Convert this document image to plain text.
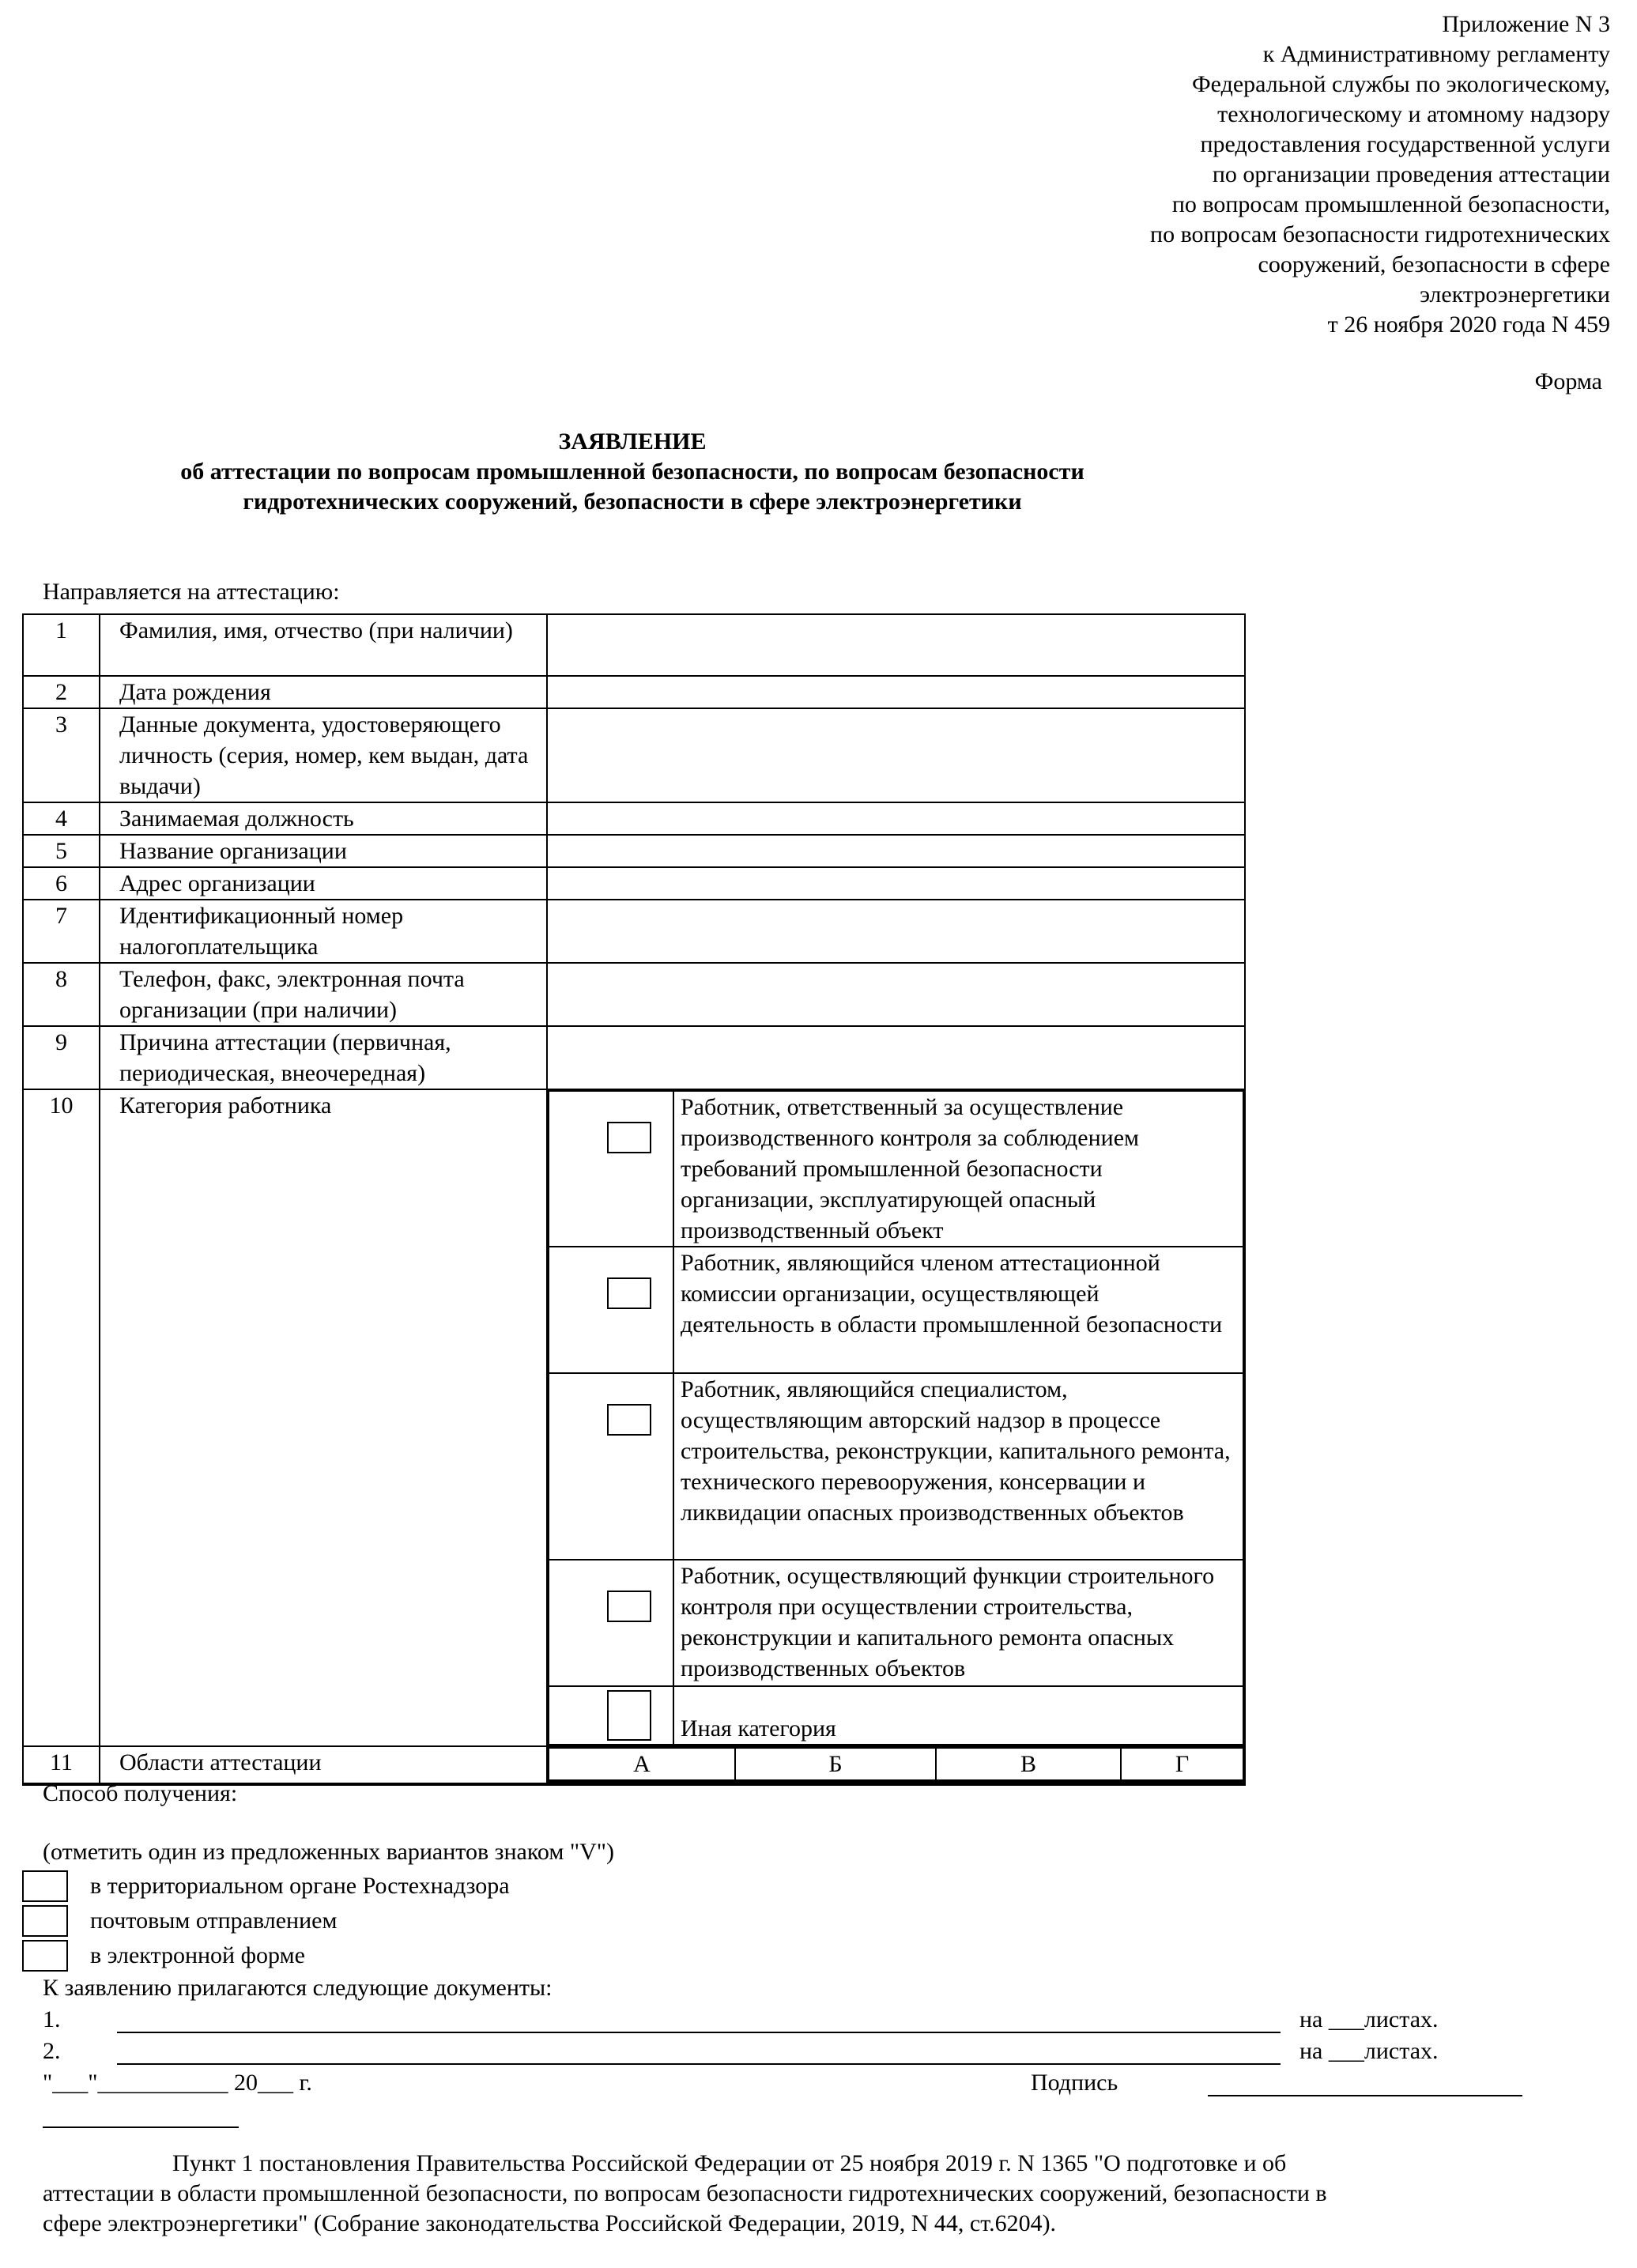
Приложение N 3
к Административному регламенту
Федеральной службы по экологическому,
технологическому и атомному надзору
предоставления государственной услуги
по организации проведения аттестации
по вопросам промышленной безопасности,
по вопросам безопасности гидротехнических
сооружений, безопасности в сфере
электроэнергетики
т 26 ноября 2020 года N 459
Форма
ЗАЯВЛЕНИЕ
об аттестации по вопросам промышленной безопасности, по вопросам безопасности
гидротехнических сооружений, безопасности в сфере электроэнергетики
Направляется на аттестацию:
1	Фамилия, имя, отчество (при наличии)	
2	Дата рождения	
3	Данные документа, удостоверяющего личность (серия, номер, кем выдан, дата выдачи)	
4	Занимаемая должность	
5	Название организации	
6	Адрес организации	
7	Идентификационный номер налогоплательщика	
8	Телефон, факс, электронная почта организации (при наличии)	
9	Причина аттестации (первичная, периодическая, внеочередная)	
10	Категория работника	
		Работник, ответственный за осуществление производственного контроля за соблюдением требований промышленной безопасности организации, эксплуатирующей опасный производственный объект

	Работник, являющийся членом аттестационной комиссии организации, осуществляющей деятельность в области промышленной безопасности

	Работник, являющийся специалистом, осуществляющим авторский надзор в процессе строительства, реконструкции, капитального ремонта, технического перевооружения, консервации и ликвидации опасных производственных объектов

	Работник, осуществляющий функции строительного контроля при осуществлении строительства, реконструкции и капитального ремонта опасных производственных объектов

	Иная категория

11	Области аттестации		А	Б	В	Г
Способ получения:
(отметить один из предложенных вариантов знаком "V")
в территориальном органе Ростехнадзора
почтовым отправлением
в электронной форме
К заявлению прилагаются следующие документы:
1.	на ___листах.
2.	на ___листах.
"___"___________ 20___ г.	Подпись
Пункт 1 постановления Правительства Российской Федерации от 25 ноября 2019 г. N 1365 "О подготовке и об
аттестации в области промышленной безопасности, по вопросам безопасности гидротехнических сооружений, безопасности в
сфере электроэнергетики" (Собрание законодательства Российской Федерации, 2019, N 44, ст.6204).
